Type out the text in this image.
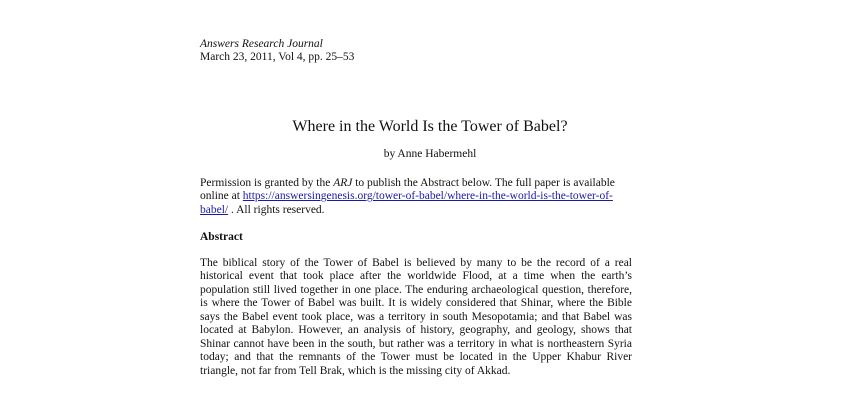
Answers Research Journal

March 23, 2011, Vol 4, pp. 25–53

Where in the World Is the Tower of Babel?

by Anne Habermehl

Permission is granted by the ARJ to publish the Abstract below. The full paper is available online at https://answersingenesis.org/tower-of-babel/where-in-the-world-is-the-tower-of-babel/ . All rights reserved.

Abstract

The biblical story of the Tower of Babel is believed by many to be the record of a real historical event that took place after the worldwide Flood, at a time when the earth’s population still lived together in one place. The enduring archaeological question, therefore, is where the Tower of Babel was built. It is widely considered that Shinar, where the Bible says the Babel event took place, was a territory in south Mesopotamia; and that Babel was located at Babylon. However, an analysis of history, geography, and geology, shows that Shinar cannot have been in the south, but rather was a territory in what is northeastern Syria today; and that the remnants of the Tower must be located in the Upper Khabur River triangle, not far from Tell Brak, which is the missing city of Akkad.
